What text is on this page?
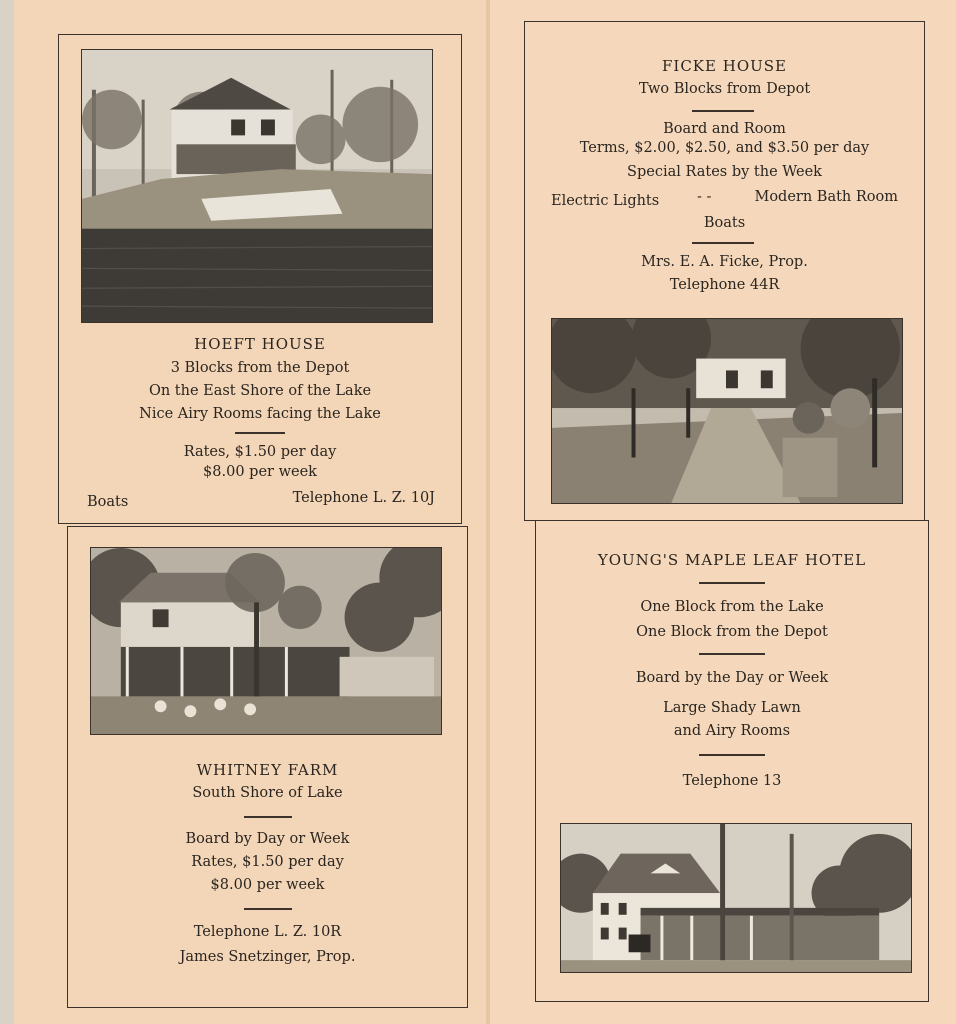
HOEFT HOUSE
3 Blocks from the Depot
On the East Shore of the Lake
Nice Airy Rooms facing the Lake
Rates, $1.50 per day
$8.00 per week
Boats	Telephone L. Z. 10J
WHITNEY FARM
South Shore of Lake
Board by Day or Week
Rates, $1.50 per day
$8.00 per week
Telephone L. Z. 10R
James Snetzinger, Prop.
FICKE HOUSE
Two Blocks from Depot
Board and Room
Terms, $2.00, $2.50, and $3.50 per day
Special Rates by the Week
Electric Lights	- -	Modern Bath Room
Boats
Mrs. E. A. Ficke, Prop.
Telephone 44R
YOUNG'S MAPLE LEAF HOTEL
One Block from the Lake
One Block from the Depot
Board by the Day or Week
Large Shady Lawn
and Airy Rooms
Telephone 13
